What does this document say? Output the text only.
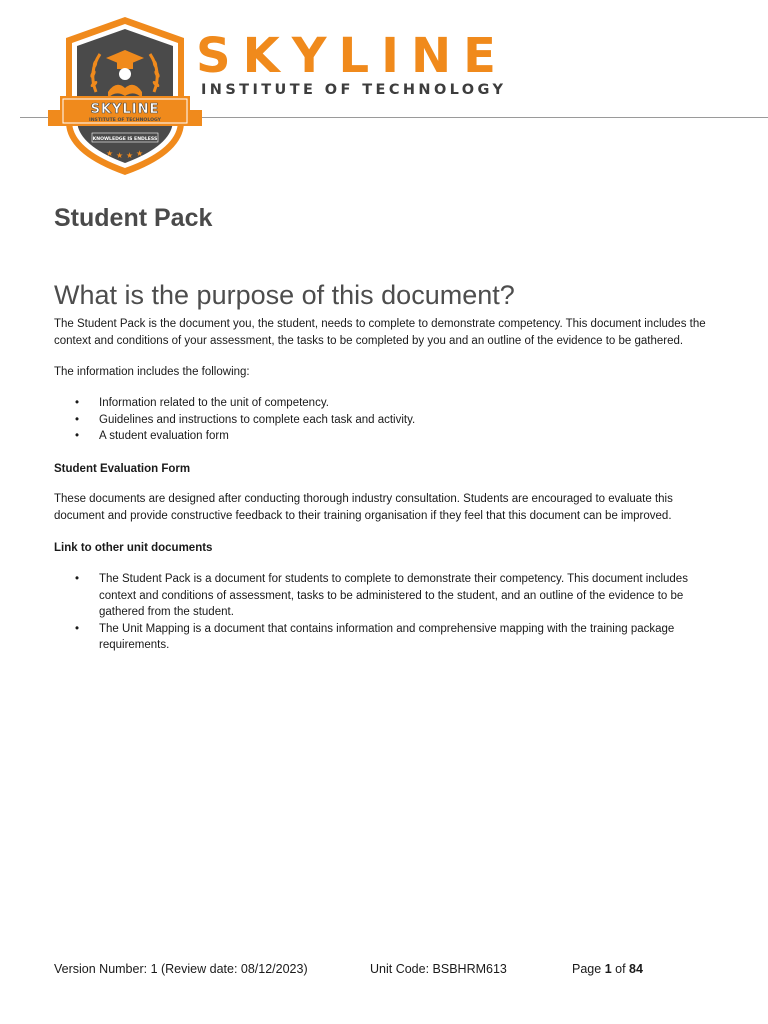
SKYLINE
INSTITUTE OF TECHNOLOGY
KNOWLEDGE IS ENDLESS
★ ★ ★ ★
SKYLINE
INSTITUTE OF TECHNOLOGY
Student Pack
What is the purpose of this document?

The Student Pack is the document you, the student, needs to complete to demonstrate competency. This document includes the context and conditions of your assessment, the tasks to be completed by you and an outline of the evidence to be gathered.

The information includes the following:

• Information related to the unit of competency.
• Guidelines and instructions to complete each task and activity.
• A student evaluation form

Student Evaluation Form

These documents are designed after conducting thorough industry consultation. Students are encouraged to evaluate this document and provide constructive feedback to their training organisation if they feel that this document can be improved.

Link to other unit documents

• The Student Pack is a document for students to complete to demonstrate their competency. This document includes context and conditions of assessment, tasks to be administered to the student, and an outline of the evidence to be gathered from the student.
• The Unit Mapping is a document that contains information and comprehensive mapping with the training package requirements.
Version Number: 1 (Review date: 08/12/2023)	Unit Code: BSBHRM613	Page 1 of 84
